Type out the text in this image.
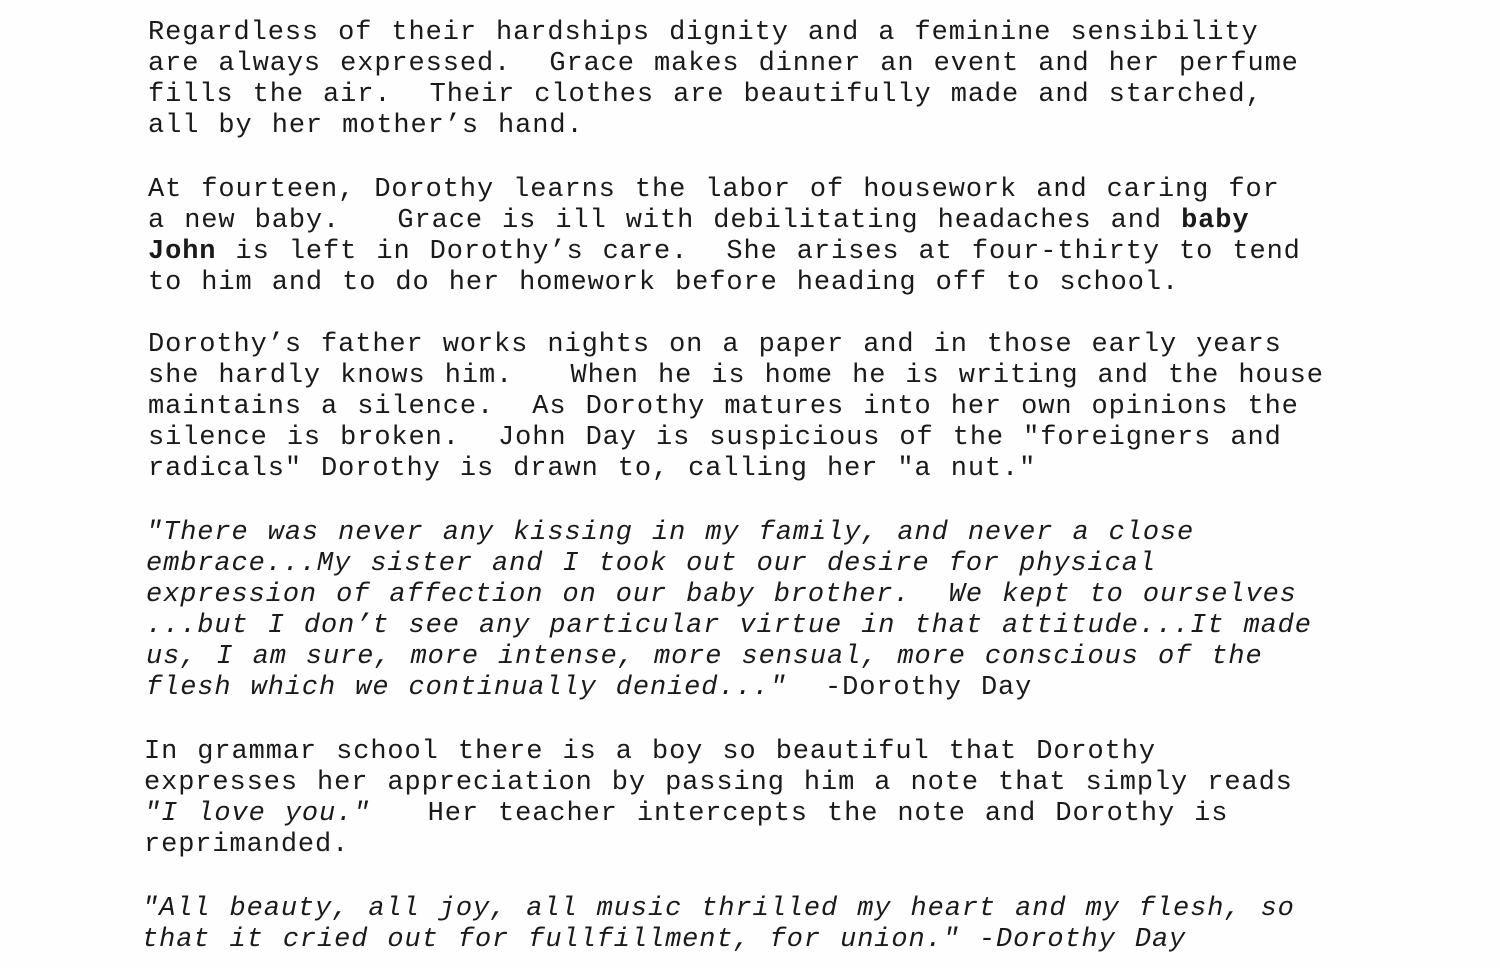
Regardless of their hardships dignity and a feminine sensibility
are always expressed.  Grace makes dinner an event and her perfume
fills the air.  Their clothes are beautifully made and starched,
all by her mother’s hand.
At fourteen, Dorothy learns the labor of housework and caring for
a new baby.   Grace is ill with debilitating headaches and baby
John is left in Dorothy’s care.  She arises at four-thirty to tend
to him and to do her homework before heading off to school.
Dorothy’s father works nights on a paper and in those early years
she hardly knows him.   When he is home he is writing and the house
maintains a silence.  As Dorothy matures into her own opinions the
silence is broken.  John Day is suspicious of the "foreigners and
radicals" Dorothy is drawn to, calling her "a nut."
"There was never any kissing in my family, and never a close
embrace...My sister and I took out our desire for physical
expression of affection on our baby brother.  We kept to ourselves
...but I don’t see any particular virtue in that attitude...It made
us, I am sure, more intense, more sensual, more conscious of the
flesh which we continually denied..."  -Dorothy Day
In grammar school there is a boy so beautiful that Dorothy
expresses her appreciation by passing him a note that simply reads
"I love you."   Her teacher intercepts the note and Dorothy is
reprimanded.
"All beauty, all joy, all music thrilled my heart and my flesh, so
that it cried out for fullfillment, for union." -Dorothy Day
